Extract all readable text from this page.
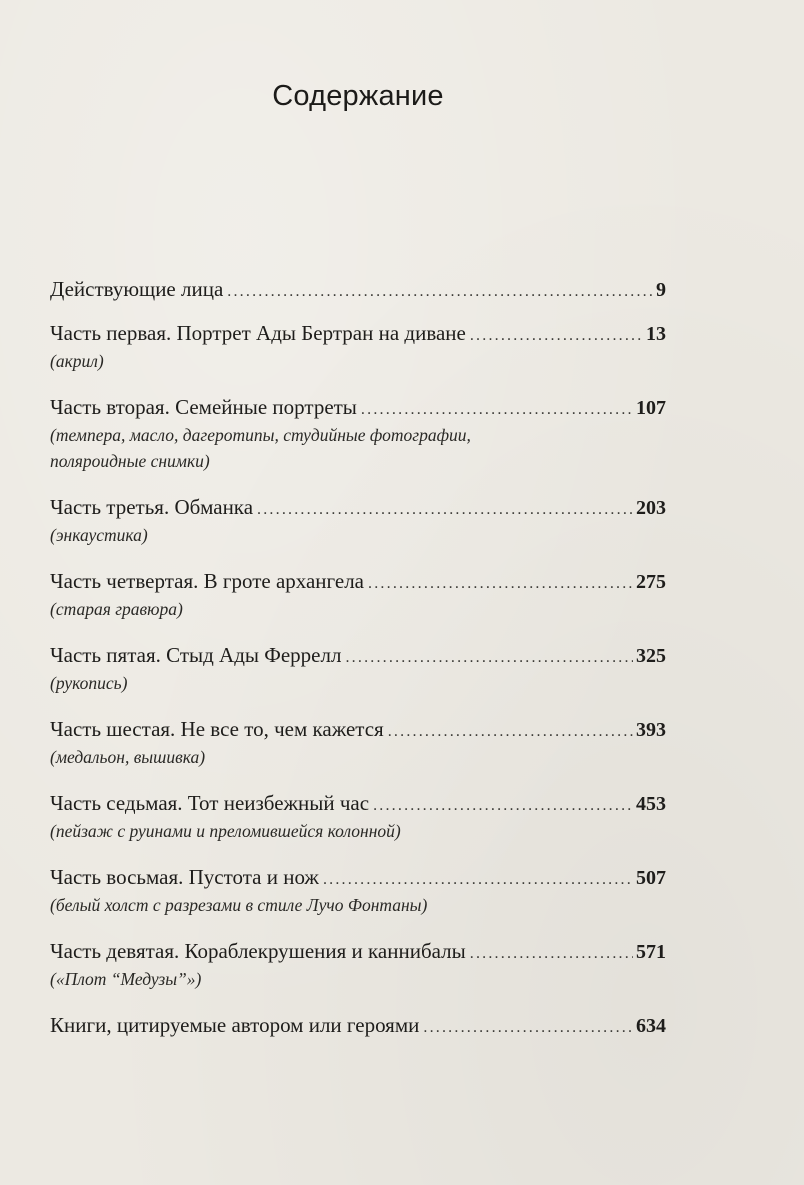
Содержание
Действующие лица .....	9
Часть первая. Портрет Ады Бертран на диване .....	13
(акрил)
Часть вторая. Семейные портреты .....	107
(темпера, масло, дагеротипы, студийные фотографии,
поляроидные снимки)
Часть третья. Обманка .....	203
(энкаустика)
Часть четвертая. В гроте архангела .....	275
(старая гравюра)
Часть пятая. Стыд Ады Феррелл .....	325
(рукопись)
Часть шестая. Не все то, чем кажется .....	393
(медальон, вышивка)
Часть седьмая. Тот неизбежный час .....	453
(пейзаж с руинами и преломившейся колонной)
Часть восьмая. Пустота и нож .....	507
(белый холст с разрезами в стиле Лучо Фонтаны)
Часть девятая. Кораблекрушения и каннибалы .....	571
(«Плот “Медузы”»)
Книги, цитируемые автором или героями .....	634
